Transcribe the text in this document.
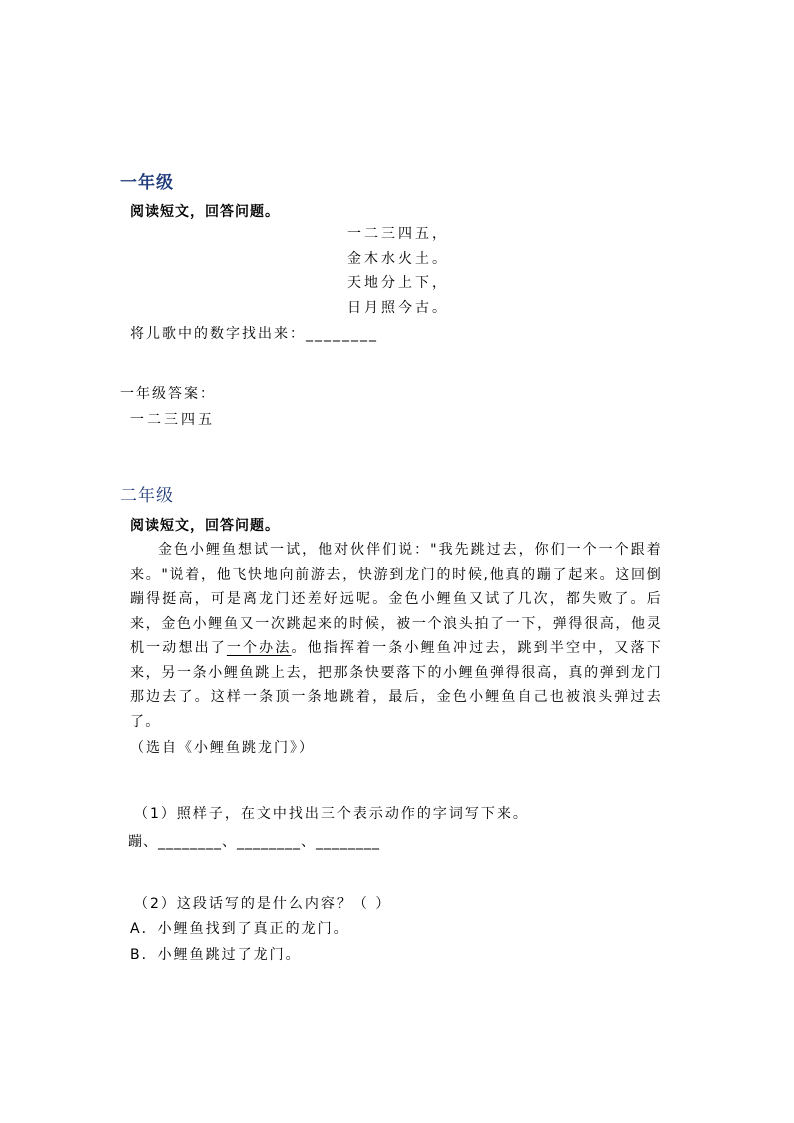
一年级
阅读短文，回答问题。
一二三四五，
金木水火土。
天地分上下，
日月照今古。
将儿歌中的数字找出来：________
一年级答案：
一二三四五
二年级
阅读短文，回答问题。
金色小鲤鱼想试一试，他对伙伴们说："我先跳过去，你们一个一个跟着来。"说着，他飞快地向前游去，快游到龙门的时候,他真的蹦了起来。这回倒蹦得挺高，可是离龙门还差好远呢。金色小鲤鱼又试了几次，都失败了。后来，金色小鲤鱼又一次跳起来的时候，被一个浪头拍了一下，弹得很高，他灵机一动想出了一个办法。他指挥着一条小鲤鱼冲过去，跳到半空中，又落下来，另一条小鲤鱼跳上去，把那条快要落下的小鲤鱼弹得很高，真的弹到龙门那边去了。这样一条顶一条地跳着，最后，金色小鲤鱼自己也被浪头弹过去了。
（选自《小鲤鱼跳龙门》）
（1）照样子，在文中找出三个表示动作的字词写下来。
蹦、________、________、________
（2）这段话写的是什么内容？（ ）
A．小鲤鱼找到了真正的龙门。
B．小鲤鱼跳过了龙门。
